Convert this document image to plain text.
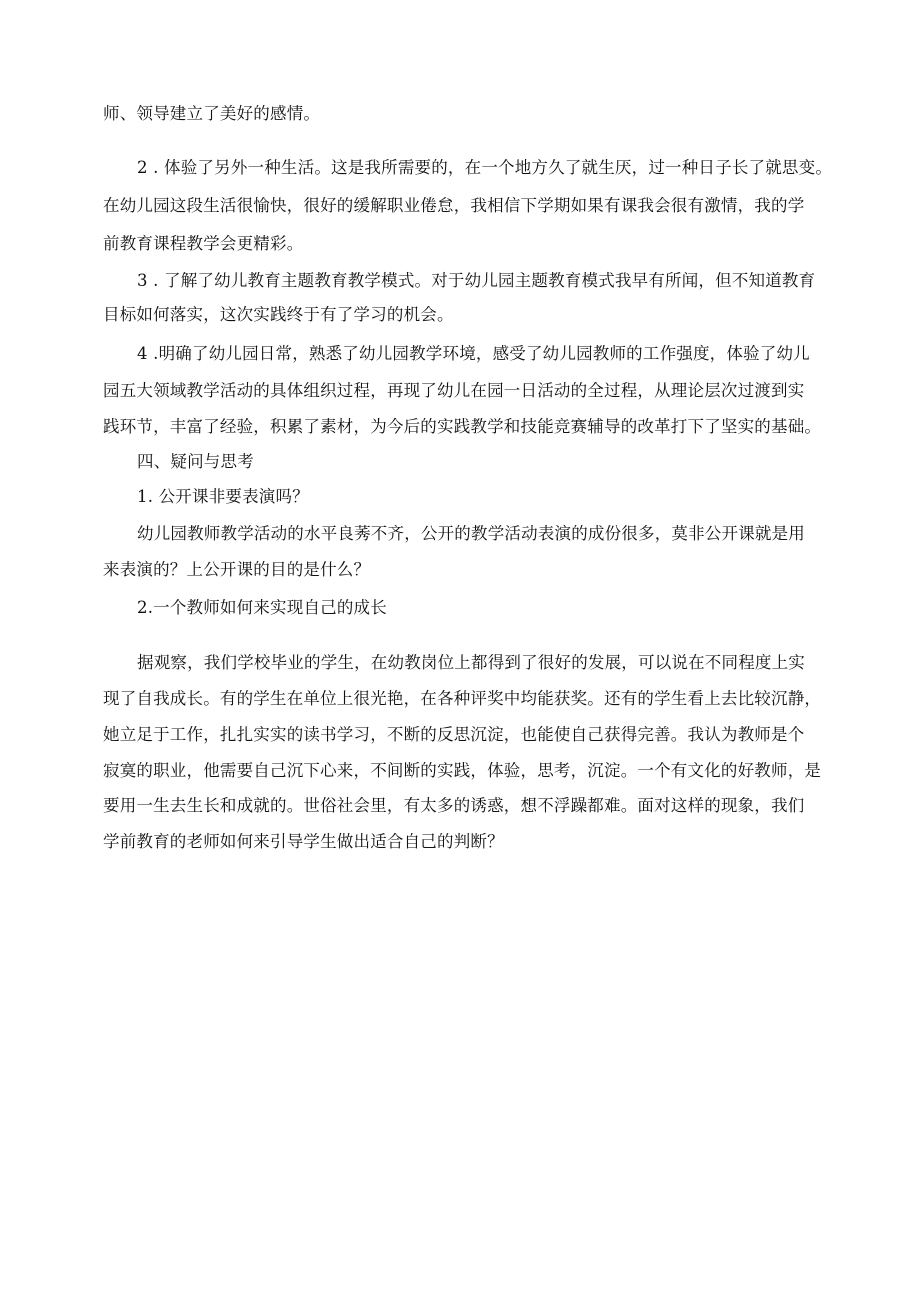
师、领导建立了美好的感情。
2 . 体验了另外一种生活。这是我所需要的，在一个地方久了就生厌，过一种日子长了就思变。
在幼儿园这段生活很愉快，很好的缓解职业倦怠，我相信下学期如果有课我会很有激情，我的学
前教育课程教学会更精彩。
3 . 了解了幼儿教育主题教育教学模式。对于幼儿园主题教育模式我早有所闻，但不知道教育
目标如何落实，这次实践终于有了学习的机会。
4 .明确了幼儿园日常，熟悉了幼儿园教学环境，感受了幼儿园教师的工作强度，体验了幼儿
园五大领域教学活动的具体组织过程，再现了幼儿在园一日活动的全过程，从理论层次过渡到实
践环节，丰富了经验，积累了素材，为今后的实践教学和技能竞赛辅导的改革打下了坚实的基础。
四、疑问与思考
1. 公开课非要表演吗？
幼儿园教师教学活动的水平良莠不齐，公开的教学活动表演的成份很多，莫非公开课就是用
来表演的？上公开课的目的是什么？
2.一个教师如何来实现自己的成长
据观察，我们学校毕业的学生，在幼教岗位上都得到了很好的发展，可以说在不同程度上实
现了自我成长。有的学生在单位上很光艳，在各种评奖中均能获奖。还有的学生看上去比较沉静，
她立足于工作，扎扎实实的读书学习，不断的反思沉淀，也能使自己获得完善。我认为教师是个
寂寞的职业，他需要自己沉下心来，不间断的实践，体验，思考，沉淀。一个有文化的好教师，是
要用一生去生长和成就的。世俗社会里，有太多的诱惑，想不浮躁都难。面对这样的现象，我们
学前教育的老师如何来引导学生做出适合自己的判断？
